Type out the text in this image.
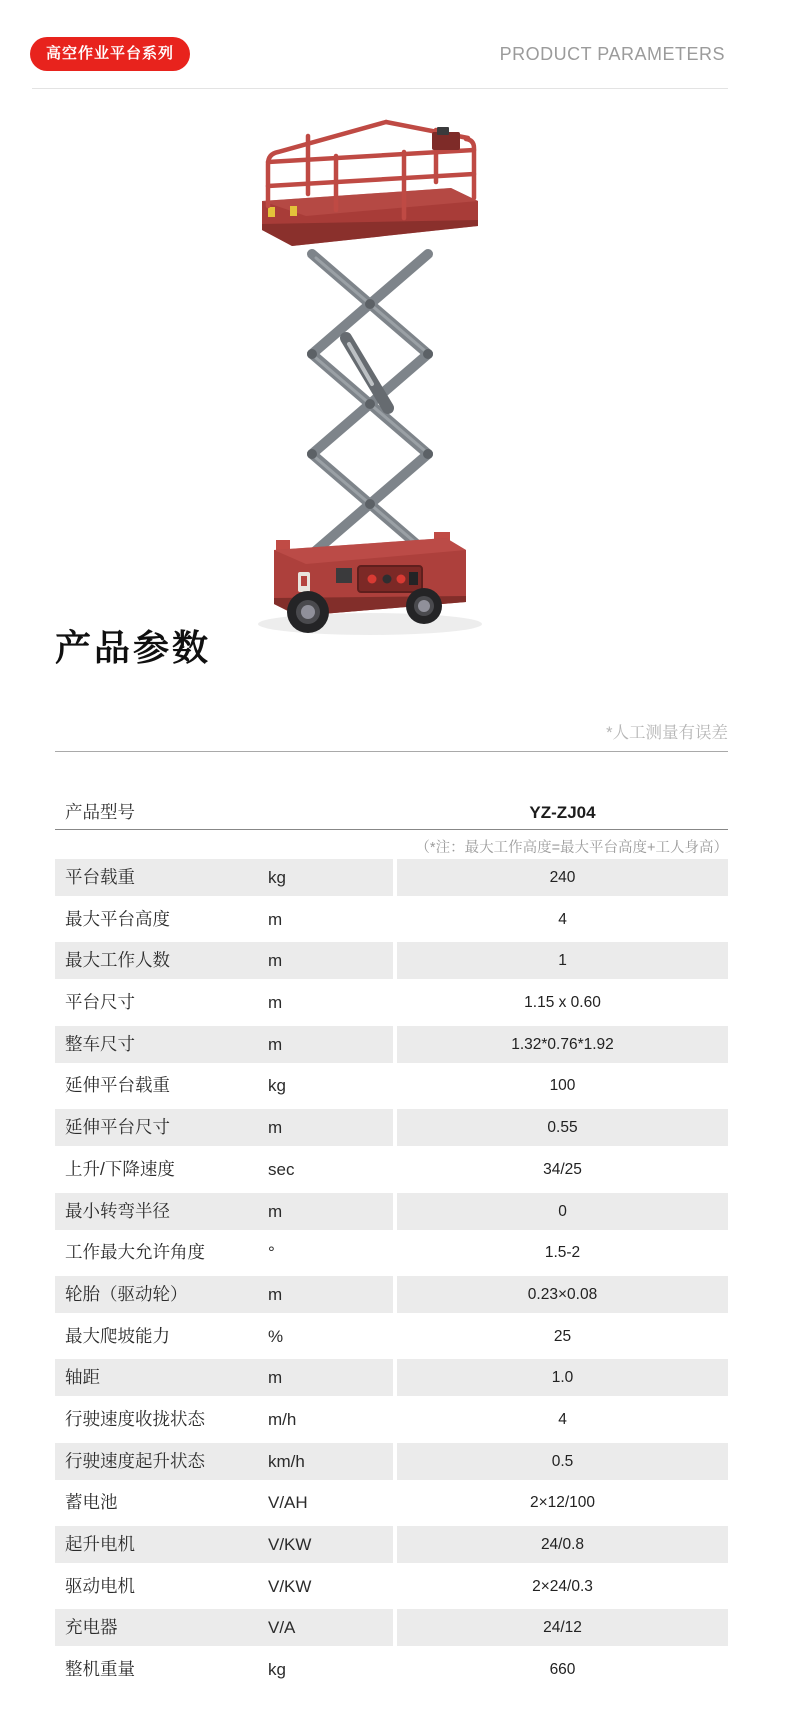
高空作业平台系列	PRODUCT PARAMETERS
产品参数
*人工测量有误差
产品型号	YZ-ZJ04
（*注：最大工作高度=最大平台高度+工人身高）
平台载重	kg	240
最大平台高度	m	4
最大工作人数	m	1
平台尺寸	m	1.15 x 0.60
整车尺寸	m	1.32*0.76*1.92
延伸平台载重	kg	100
延伸平台尺寸	m	0.55
上升/下降速度	sec	34/25
最小转弯半径	m	0
工作最大允许角度	°	1.5-2
轮胎（驱动轮）	m	0.23×0.08
最大爬坡能力	%	25
轴距	m	1.0
行驶速度收拢状态	m/h	4
行驶速度起升状态	km/h	0.5
蓄电池	V/AH	2×12/100
起升电机	V/KW	24/0.8
驱动电机	V/KW	2×24/0.3
充电器	V/A	24/12
整机重量	kg	660
